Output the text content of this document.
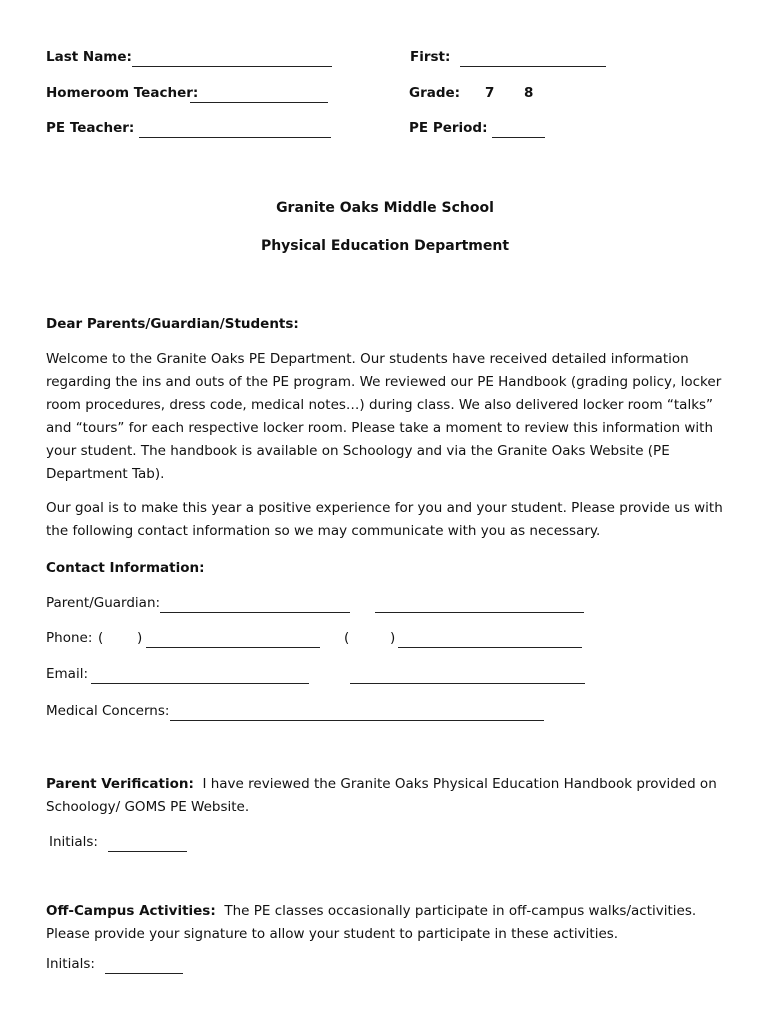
Last Name:	First:
Homeroom Teacher:	Grade: 7 8
PE Teacher:	PE Period:
Granite Oaks Middle School
Physical Education Department
Dear Parents/Guardian/Students:
Welcome to the Granite Oaks PE Department. Our students have received detailed information regarding the ins and outs of the PE program. We reviewed our PE Handbook (grading policy, locker room procedures, dress code, medical notes…) during class. We also delivered locker room “talks” and “tours” for each respective locker room. Please take a moment to review this information with your student. The handbook is available on Schoology and via the Granite Oaks Website (PE Department Tab).
Our goal is to make this year a positive experience for you and your student. Please provide us with the following contact information so we may communicate with you as necessary.
Contact Information:
Parent/Guardian:
Phone: ( )	(	)
Email:
Medical Concerns:
Parent Verification: I have reviewed the Granite Oaks Physical Education Handbook provided on Schoology/ GOMS PE Website.
Initials:
Off-Campus Activities: The PE classes occasionally participate in off-campus walks/activities. Please provide your signature to allow your student to participate in these activities.
Initials:
